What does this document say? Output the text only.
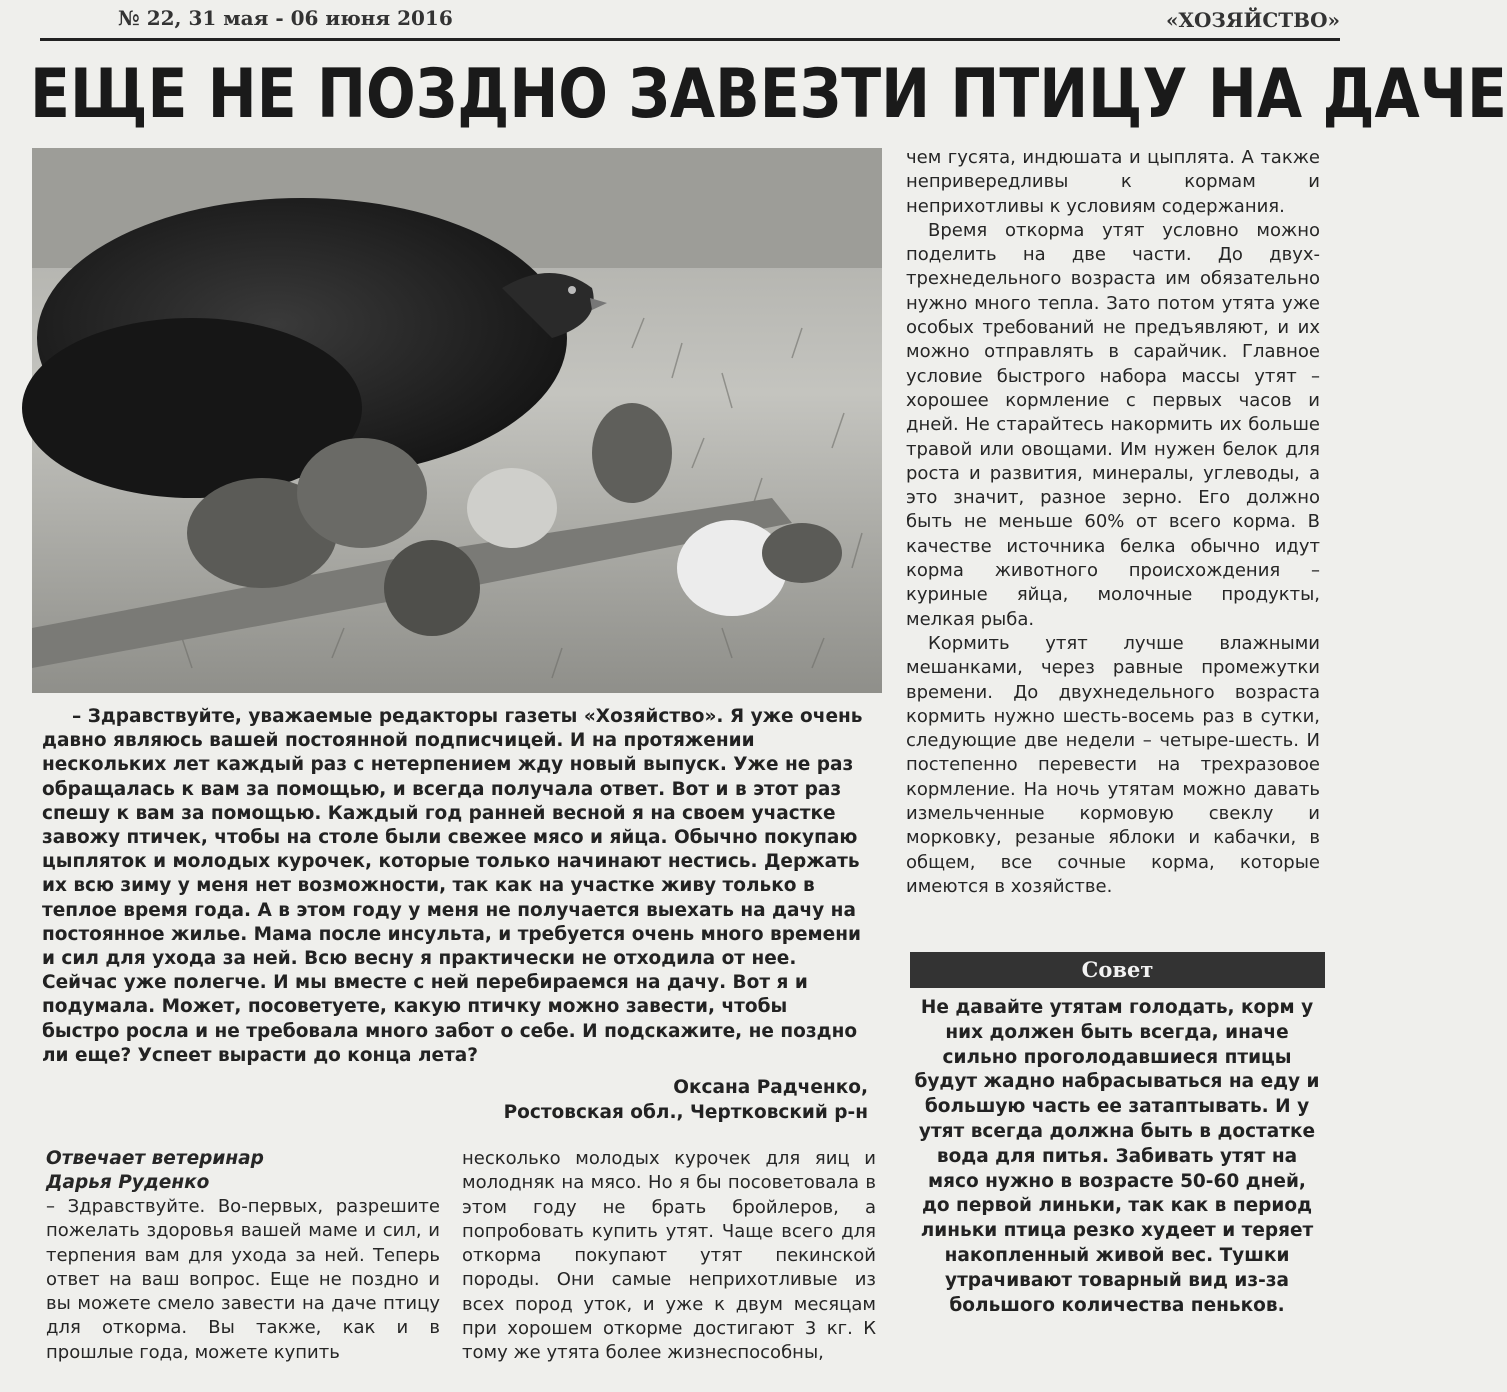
№ 22, 31 мая - 06 июня 2016	«ХОЗЯЙСТВО»
ЕЩЕ НЕ ПОЗДНО ЗАВЕЗТИ ПТИЦУ НА ДАЧЕ

чем гусята, индюшата и цыплята. А также непривередливы к кормам и неприхотливы к условиям содержания.

Время откорма утят условно можно поделить на две части. До двух-трехнедельного возраста им обязательно нужно много тепла. Зато потом утята уже особых требований не предъявляют, и их можно отправлять в сарайчик. Главное условие быстрого набора массы утят – хорошее кормление с первых часов и дней. Не старайтесь накормить их больше травой или овощами. Им нужен белок для роста и развития, минералы, углеводы, а это значит, разное зерно. Его должно быть не меньше 60% от всего корма. В качестве источника белка обычно идут корма животного происхождения – куриные яйца, молочные продукты, мелкая рыба.

Кормить утят лучше влажными мешанками, через равные промежутки времени. До двухнедельного возраста кормить нужно шесть-восемь раз в сутки, следующие две недели – четыре-шесть. И постепенно перевести на трехразовое кормление. На ночь утятам можно давать измельченные кормовую свеклу и морковку, резаные яблоки и кабачки, в общем, все сочные корма, которые имеются в хозяйстве.

– Здравствуйте, уважаемые редакторы газеты «Хозяйство». Я уже очень давно являюсь вашей постоянной подписчицей. И на протяжении нескольких лет каждый раз с нетерпением жду новый выпуск. Уже не раз обращалась к вам за помощью, и всегда получала ответ. Вот и в этот раз спешу к вам за помощью. Каждый год ранней весной я на своем участке завожу птичек, чтобы на столе были свежее мясо и яйца. Обычно покупаю цыпляток и молодых курочек, которые только начинают нестись. Держать их всю зиму у меня нет возможности, так как на участке живу только в теплое время года. А в этом году у меня не получается выехать на дачу на постоянное жилье. Мама после инсульта, и требуется очень много времени и сил для ухода за ней. Всю весну я практически не отходила от нее. Сейчас уже полегче. И мы вместе с ней перебираемся на дачу. Вот я и подумала. Может, посоветуете, какую птичку можно завести, чтобы быстро росла и не требовала много забот о себе. И подскажите, не поздно ли еще? Успеет вырасти до конца лета?

Оксана Радченко,
Ростовская обл., Чертковский р-н
Отвечает ветеринар
Дарья Руденко

– Здравствуйте. Во-первых, разрешите пожелать здоровья вашей маме и сил, и терпения вам для ухода за ней. Теперь ответ на ваш вопрос. Еще не поздно и вы можете смело завести на даче птицу для откорма. Вы также, как и в прошлые года, можете купить

несколько молодых курочек для яиц и молодняк на мясо. Но я бы посоветовала в этом году не брать бройлеров, а попробовать купить утят. Чаще всего для откорма покупают утят пекинской породы. Они самые неприхотливые из всех пород уток, и уже к двум месяцам при хорошем откорме достигают 3 кг. К тому же утята более жизнеспособны,

Совет
Не давайте утятам голодать, корм у них должен быть всегда, иначе сильно проголодавшиеся птицы будут жадно набрасываться на еду и большую часть ее затаптывать. И у утят всегда должна быть в достатке вода для питья. Забивать утят на мясо нужно в возрасте 50-60 дней, до первой линьки, так как в период линьки птица резко худеет и теряет накопленный живой вес. Тушки утрачивают товарный вид из-за большого количества пеньков.
